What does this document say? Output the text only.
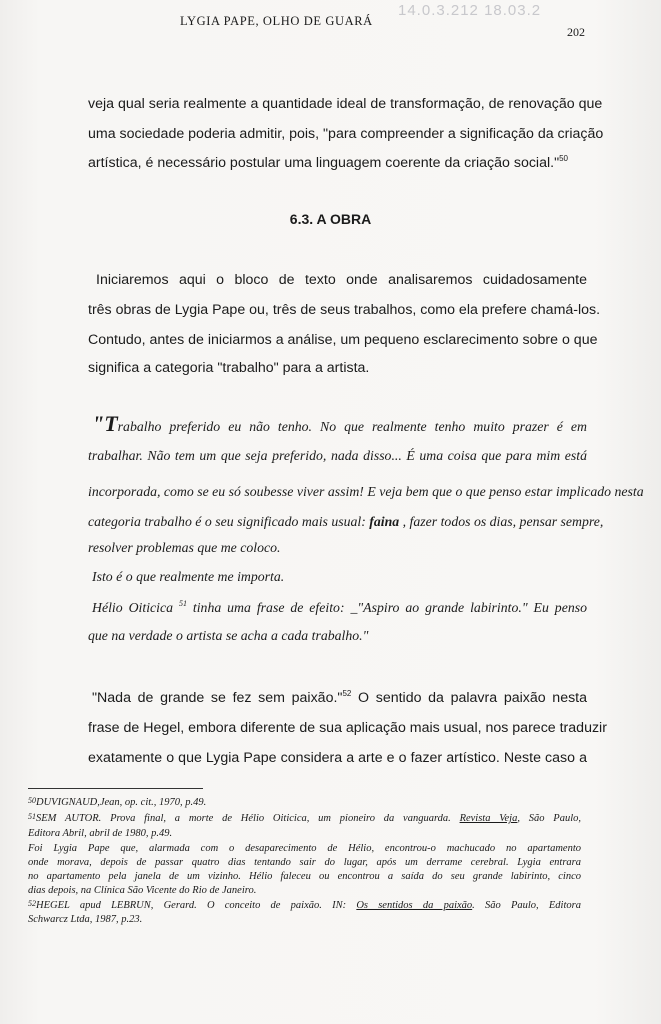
14.0.3.212 18.03.2
LYGIA PAPE, OLHO DE GUARÁ
202
veja qual seria realmente a quantidade ideal de transformação, de renovação que
uma sociedade poderia admitir, pois, "para compreender a significação da criação
artística, é necessário postular uma linguagem coerente da criação social."$^{50}$
6.3. A OBRA
Iniciaremos aqui o bloco de texto onde analisaremos cuidadosamente
três obras de Lygia Pape ou, três de seus trabalhos, como ela prefere chamá-los.
Contudo, antes de iniciarmos a análise, um pequeno esclarecimento sobre o que
significa a categoria "trabalho" para a artista.
"Trabalho preferido eu não tenho. No que realmente tenho muito prazer é em
trabalhar. Não tem um que seja preferido, nada disso... É uma coisa que para mim está
incorporada, como se eu só soubesse viver assim! E veja bem que o que penso estar implicado nesta
categoria trabalho é o seu significado mais usual: faina , fazer todos os dias, pensar sempre,
resolver problemas que me coloco.
Isto é o que realmente me importa.
Hélio Oiticica $^{51}$ tinha uma frase de efeito: _"Aspiro ao grande labirinto." Eu penso
que na verdade o artista se acha a cada trabalho."
"Nada de grande se fez sem paixão."$^{52}$ O sentido da palavra paixão nesta
frase de Hegel, embora diferente de sua aplicação mais usual, nos parece traduzir
exatamente o que Lygia Pape considera a arte e o fazer artístico. Neste caso a
$^{50}$DUVIGNAUD,Jean, op. cit., 1970, p.49.
$^{51}$SEM AUTOR. Prova final, a morte de Hélio Oiticica, um pioneiro da vanguarda. Revista Veja, São Paulo,
Editora Abril, abril de 1980, p.49.
Foi Lygia Pape que, alarmada com o desaparecimento de Hélio, encontrou-o machucado no apartamento
onde morava, depois de passar quatro dias tentando sair do lugar, após um derrame cerebral. Lygia entrara
no apartamento pela janela de um vizinho. Hélio faleceu ou encontrou a saída do seu grande labirinto, cinco
dias depois, na Clínica São Vicente do Rio de Janeiro.
$^{52}$HEGEL apud LEBRUN, Gerard. O conceito de paixão. IN: Os sentidos da paixão. São Paulo, Editora
Schwarcz Ltda, 1987, p.23.
